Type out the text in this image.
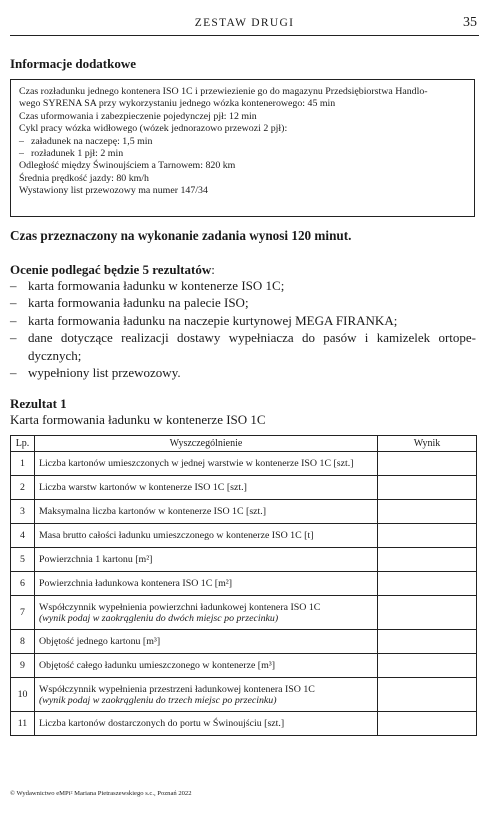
ZESTAW DRUGI	35
Informacje dodatkowe
Czas rozładunku jednego kontenera ISO 1C i przewiezienie go do magazynu Przedsiębiorstwa Handlo-
wego SYRENA SA przy wykorzystaniu jednego wózka kontenerowego: 45 min
Czas uformowania i zabezpieczenie pojedynczej pjł: 12 min
Cykl pracy wózka widłowego (wózek jednorazowo przewozi 2 pjł):
– załadunek na naczepę: 1,5 min
– rozładunek 1 pjł: 2 min
Odległość między Świnoujściem a Tarnowem: 820 km
Średnia prędkość jazdy: 80 km/h
Wystawiony list przewozowy ma numer 147/34
Czas przeznaczony na wykonanie zadania wynosi 120 minut.
Ocenie podlegać będzie 5 rezultatów:
– karta formowania ładunku w kontenerze ISO 1C;
– karta formowania ładunku na palecie ISO;
– karta formowania ładunku na naczepie kurtynowej MEGA FIRANKA;
– dane dotyczące realizacji dostawy wypełniacza do pasów i kamizelek ortope-dycznych;
– wypełniony list przewozowy.
Rezultat 1
Karta formowania ładunku w kontenerze ISO 1C
Lp.	Wyszczególnienie	Wynik
1	Liczba kartonów umieszczonych w jednej warstwie w kontenerze ISO 1C [szt.]	
2	Liczba warstw kartonów w kontenerze ISO 1C [szt.]	
3	Maksymalna liczba kartonów w kontenerze ISO 1C [szt.]	
4	Masa brutto całości ładunku umieszczonego w kontenerze ISO 1C [t]	
5	Powierzchnia 1 kartonu [m²]	
6	Powierzchnia ładunkowa kontenera ISO 1C [m²]	
7	Współczynnik wypełnienia powierzchni ładunkowej kontenera ISO 1C
(wynik podaj w zaokrągleniu do dwóch miejsc po przecinku)	

8	Objętość jednego kartonu [m³]	
9	Objętość całego ładunku umieszczonego w kontenerze [m³]	
10	Współczynnik wypełnienia przestrzeni ładunkowej kontenera ISO 1C
(wynik podaj w zaokrągleniu do trzech miejsc po przecinku)	

11	Liczba kartonów dostarczonych do portu w Świnoujściu [szt.]	
© Wydawnictwo eMPi² Mariana Pietraszewskiego s.c., Poznań 2022
